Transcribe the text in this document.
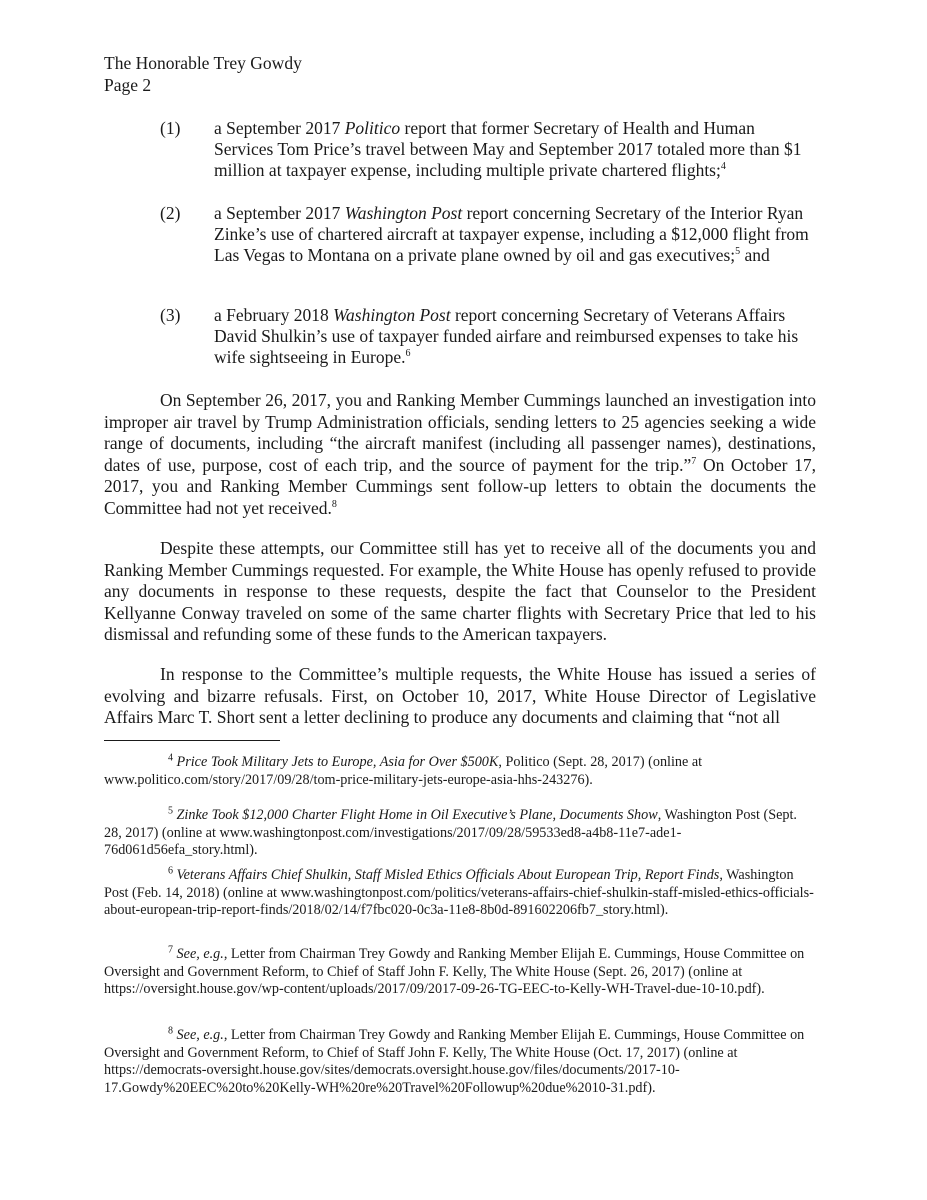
The Honorable Trey Gowdy
Page 2
(1) a September 2017 Politico report that former Secretary of Health and Human Services Tom Price’s travel between May and September 2017 totaled more than $1 million at taxpayer expense, including multiple private chartered flights;$^4$
(2) a September 2017 Washington Post report concerning Secretary of the Interior Ryan Zinke’s use of chartered aircraft at taxpayer expense, including a $12,000 flight from Las Vegas to Montana on a private plane owned by oil and gas executives;$^5$ and
(3) a February 2018 Washington Post report concerning Secretary of Veterans Affairs David Shulkin’s use of taxpayer funded airfare and reimbursed expenses to take his wife sightseeing in Europe.$^6$
On September 26, 2017, you and Ranking Member Cummings launched an investigation into improper air travel by Trump Administration officials, sending letters to 25 agencies seeking a wide range of documents, including “the aircraft manifest (including all passenger names), destinations, dates of use, purpose, cost of each trip, and the source of payment for the trip.”$^7$ On October 17, 2017, you and Ranking Member Cummings sent follow-up letters to obtain the documents the Committee had not yet received.$^8$
Despite these attempts, our Committee still has yet to receive all of the documents you and Ranking Member Cummings requested. For example, the White House has openly refused to provide any documents in response to these requests, despite the fact that Counselor to the President Kellyanne Conway traveled on some of the same charter flights with Secretary Price that led to his dismissal and refunding some of these funds to the American taxpayers.
In response to the Committee’s multiple requests, the White House has issued a series of evolving and bizarre refusals. First, on October 10, 2017, White House Director of Legislative Affairs Marc T. Short sent a letter declining to produce any documents and claiming that “not all
$^4$ Price Took Military Jets to Europe, Asia for Over $500K, Politico (Sept. 28, 2017) (online at www.politico.com/story/2017/09/28/tom-price-military-jets-europe-asia-hhs-243276).
$^5$ Zinke Took $12,000 Charter Flight Home in Oil Executive’s Plane, Documents Show, Washington Post (Sept. 28, 2017) (online at www.washingtonpost.com/investigations/2017/09/28/59533ed8-a4b8-11e7-ade1-76d061d56efa_story.html).
$^6$ Veterans Affairs Chief Shulkin, Staff Misled Ethics Officials About European Trip, Report Finds, Washington Post (Feb. 14, 2018) (online at www.washingtonpost.com/politics/veterans-affairs-chief-shulkin-staff-misled-ethics-officials-about-european-trip-report-finds/2018/02/14/f7fbc020-0c3a-11e8-8b0d-891602206fb7_story.html).
$^7$ See, e.g., Letter from Chairman Trey Gowdy and Ranking Member Elijah E. Cummings, House Committee on Oversight and Government Reform, to Chief of Staff John F. Kelly, The White House (Sept. 26, 2017) (online at https://oversight.house.gov/wp-content/uploads/2017/09/2017-09-26-TG-EEC-to-Kelly-WH-Travel-due-10-10.pdf).
$^8$ See, e.g., Letter from Chairman Trey Gowdy and Ranking Member Elijah E. Cummings, House Committee on Oversight and Government Reform, to Chief of Staff John F. Kelly, The White House (Oct. 17, 2017) (online at https://democrats-oversight.house.gov/sites/democrats.oversight.house.gov/files/documents/2017-10-17.Gowdy%20EEC%20to%20Kelly-WH%20re%20Travel%20Followup%20due%2010-31.pdf).
